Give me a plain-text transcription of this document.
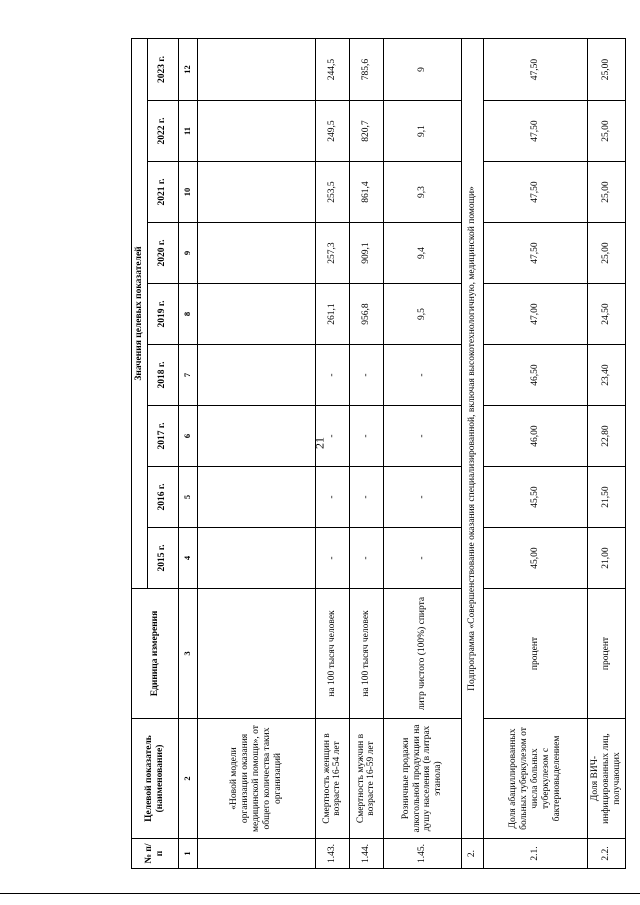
21
№ п/п	Целевой показатель (наименование)	Единица измерения	Значения целевых показателей								
			2015 г.	2016 г.	2017 г.	2018 г.	2019 г.	2020 г.	2021 г.	2022 г.	2023 г.
1	2	3	4	5	6	7	8	9	10	11	12
	«Новой модели организации оказания медицинской помощи», от общего количества таких организаций										
1.43.	Смертность женщин в возрасте 16-54 лет	на 100 тысяч человек	-	-	-	-	261,1	257,3	253,5	249,5	244,5
1.44.	Смертность мужчин в возрасте 16-59 лет	на 100 тысяч человек	-	-	-	-	956,8	909,1	861,4	820,7	785,6
1.45.	Розничные продажи алкогольной продукции на душу населения (в литрах этанола)	литр чистого (100%) спирта	-	-	-	-	9,5	9,4	9,3	9,1	9
2.	Подпрограмма «Совершенствование оказания специализированной, включая высокотехнологичную, медицинской помощи»										
2.1.	Доля абациллированных больных туберкулезом от числа больных туберкулезом с бактериовыделением	процент	45,00	45,50	46,00	46,50	47,00	47,50	47,50	47,50	47,50
2.2.	Доля ВИЧ-инфицированных лиц, получающих	процент	21,00	21,50	22,80	23,40	24,50	25,00	25,00	25,00	25,00
